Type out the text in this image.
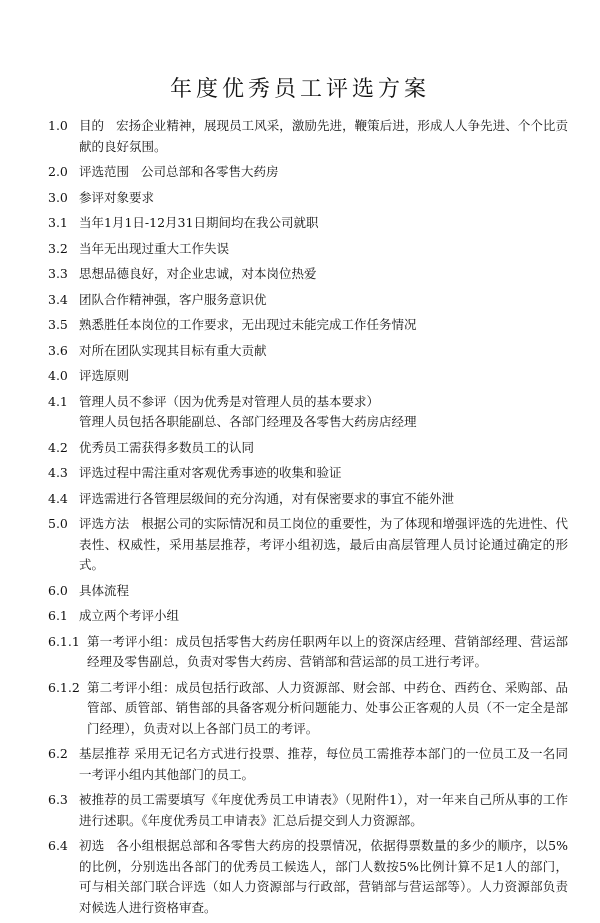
年度优秀员工评选方案
1.0 目的 宏扬企业精神，展现员工风采，激励先进，鞭策后进，形成人人争先进、个个比贡献的良好氛围。

2.0 评选范围 公司总部和各零售大药房

3.0 参评对象要求

3.1 当年1月1日-12月31日期间均在我公司就职

3.2 当年无出现过重大工作失误

3.3 思想品德良好，对企业忠诚，对本岗位热爱

3.4 团队合作精神强，客户服务意识优

3.5 熟悉胜任本岗位的工作要求，无出现过未能完成工作任务情况

3.6 对所在团队实现其目标有重大贡献

4.0 评选原则

4.1 管理人员不参评（因为优秀是对管理人员的基本要求）

管理人员包括各职能副总、各部门经理及各零售大药房店经理

4.2 优秀员工需获得多数员工的认同

4.3 评选过程中需注重对客观优秀事迹的收集和验证

4.4 评选需进行各管理层级间的充分沟通，对有保密要求的事宜不能外泄

5.0 评选方法 根据公司的实际情况和员工岗位的重要性，为了体现和增强评选的先进性、代表性、权威性，采用基层推荐，考评小组初选，最后由高层管理人员讨论通过确定的形式。

6.0 具体流程

6.1 成立两个考评小组

6.1.1 第一考评小组：成员包括零售大药房任职两年以上的资深店经理、营销部经理、营运部经理及零售副总，负责对零售大药房、营销部和营运部的员工进行考评。

6.1.2 第二考评小组：成员包括行政部、人力资源部、财会部、中药仓、西药仓、采购部、品管部、质管部、销售部的具备客观分析问题能力、处事公正客观的人员（不一定全是部门经理），负责对以上各部门员工的考评。

6.2 基层推荐 采用无记名方式进行投票、推荐，每位员工需推荐本部门的一位员工及一名同一考评小组内其他部门的员工。

6.3 被推荐的员工需要填写《年度优秀员工申请表》（见附件1），对一年来自己所从事的工作进行述职。《年度优秀员工申请表》汇总后提交到人力资源部。

6.4 初选 各小组根据总部和各零售大药房的投票情况，依据得票数量的多少的顺序，以5%的比例，分别选出各部门的优秀员工候选人，部门人数按5%比例计算不足1人的部门，可与相关部门联合评选（如人力资源部与行政部，营销部与营运部等）。人力资源部负责对候选人进行资格审查。
